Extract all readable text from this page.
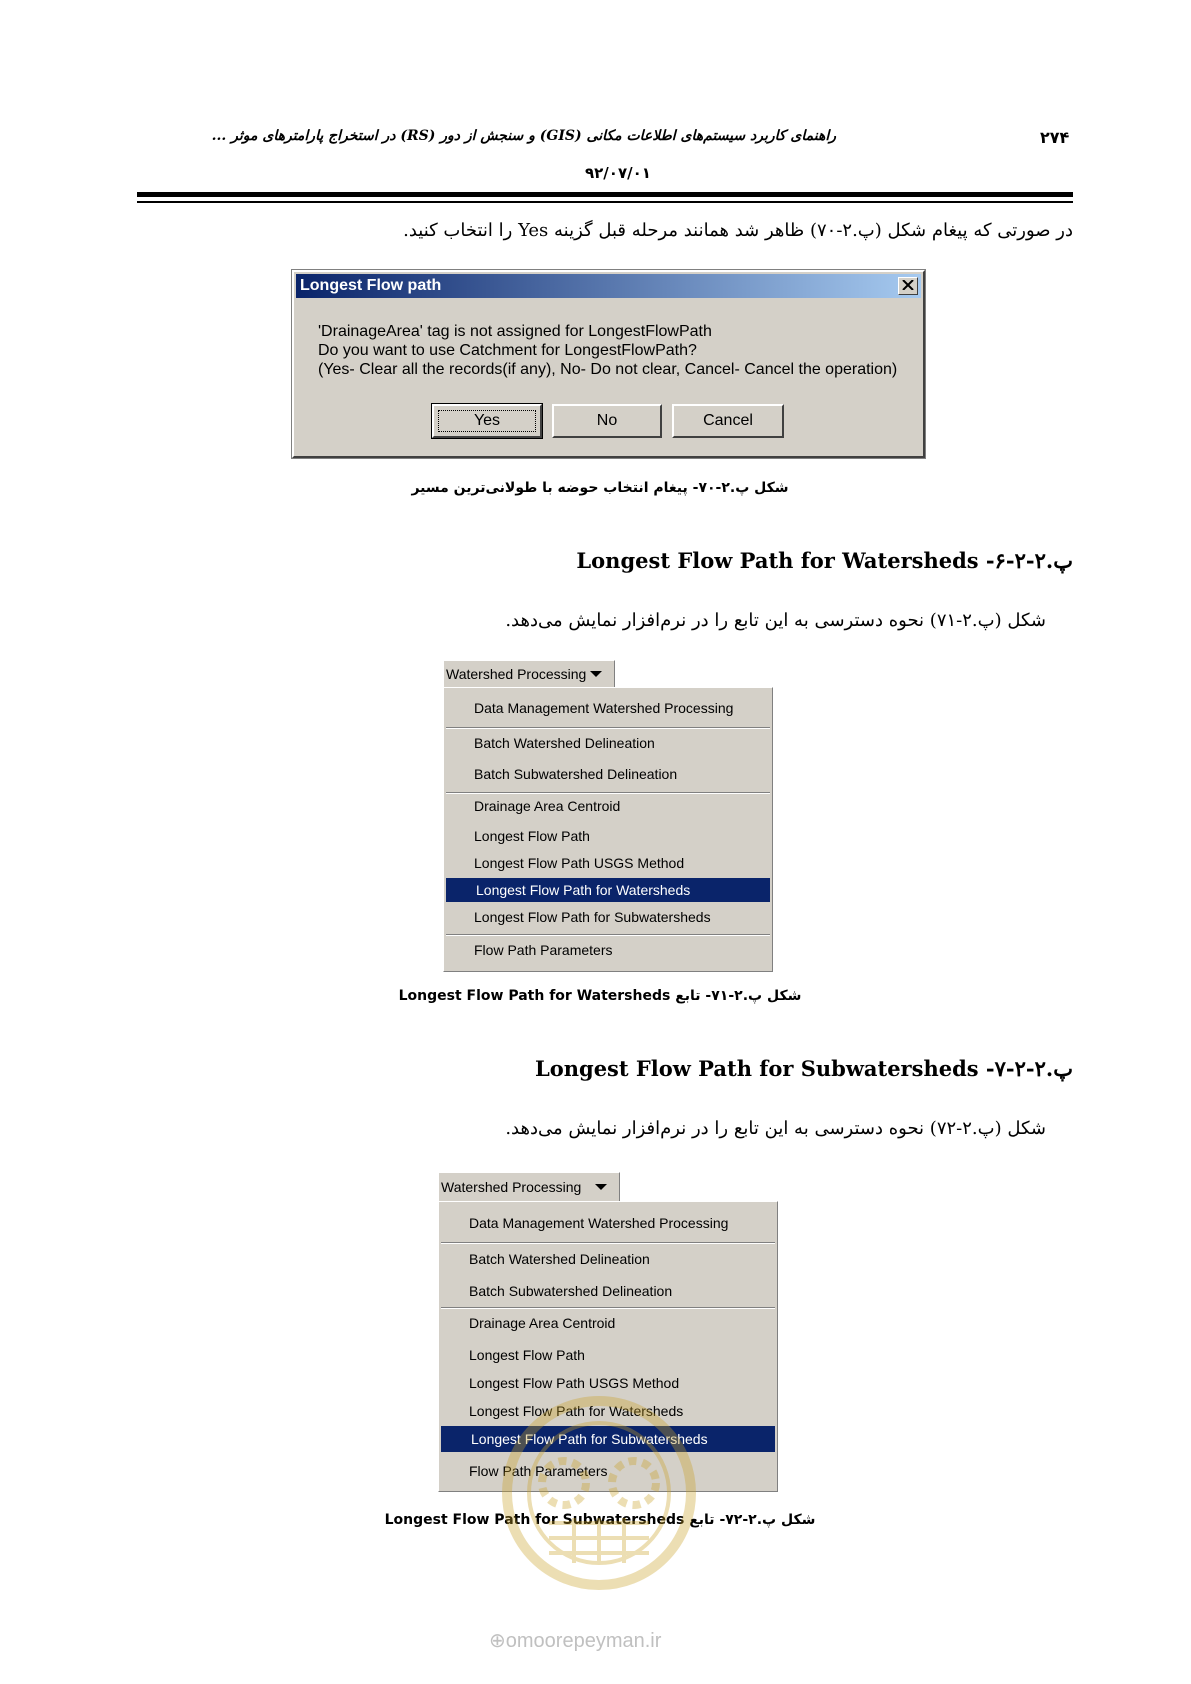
۲۷۴
راهنمای کاربرد سیستم‌های اطلاعات مکانی (GIS) و سنجش از دور (RS) در استخراج پارامترهای موثر ...
۹۲/۰۷/۰۱
در صورتی که پیغام شکل (پ.۲-۷۰) ظاهر شد همانند مرحله قبل گزینه Yes را انتخاب کنید.
Longest Flow path
'DrainageArea' tag is not assigned for LongestFlowPath
Do you want to use Catchment for LongestFlowPath?
(Yes- Clear all the records(if any), No- Do not clear, Cancel- Cancel the operation)
Yes	No	Cancel
شکل پ.۲-۷۰- پیغام انتخاب حوضه با طولانی‌ترین مسیر
پ.۲-۲-۶- Longest Flow Path for Watersheds
شکل (پ.۲-۷۱) نحوه دسترسی به این تابع را در نرم‌افزار نمایش می‌دهد.
Watershed Processing
Data Management Watershed Processing
Batch Watershed Delineation
Batch Subwatershed Delineation
Drainage Area Centroid
Longest Flow Path
Longest Flow Path USGS Method
Longest Flow Path for Watersheds
Longest Flow Path for Subwatersheds
Flow Path Parameters
شکل پ.۲-۷۱- تابع Longest Flow Path for Watersheds
پ.۲-۲-۷- Longest Flow Path for Subwatersheds
شکل (پ.۲-۷۲) نحوه دسترسی به این تابع را در نرم‌افزار نمایش می‌دهد.
Watershed Processing
Data Management Watershed Processing
Batch Watershed Delineation
Batch Subwatershed Delineation
Drainage Area Centroid
Longest Flow Path
Longest Flow Path USGS Method
Longest Flow Path for Watersheds
Longest Flow Path for Subwatersheds
Flow Path Parameters
شکل پ.۲-۷۲- تابع Longest Flow Path for Subwatersheds
⊕omoorepeyman.ir
